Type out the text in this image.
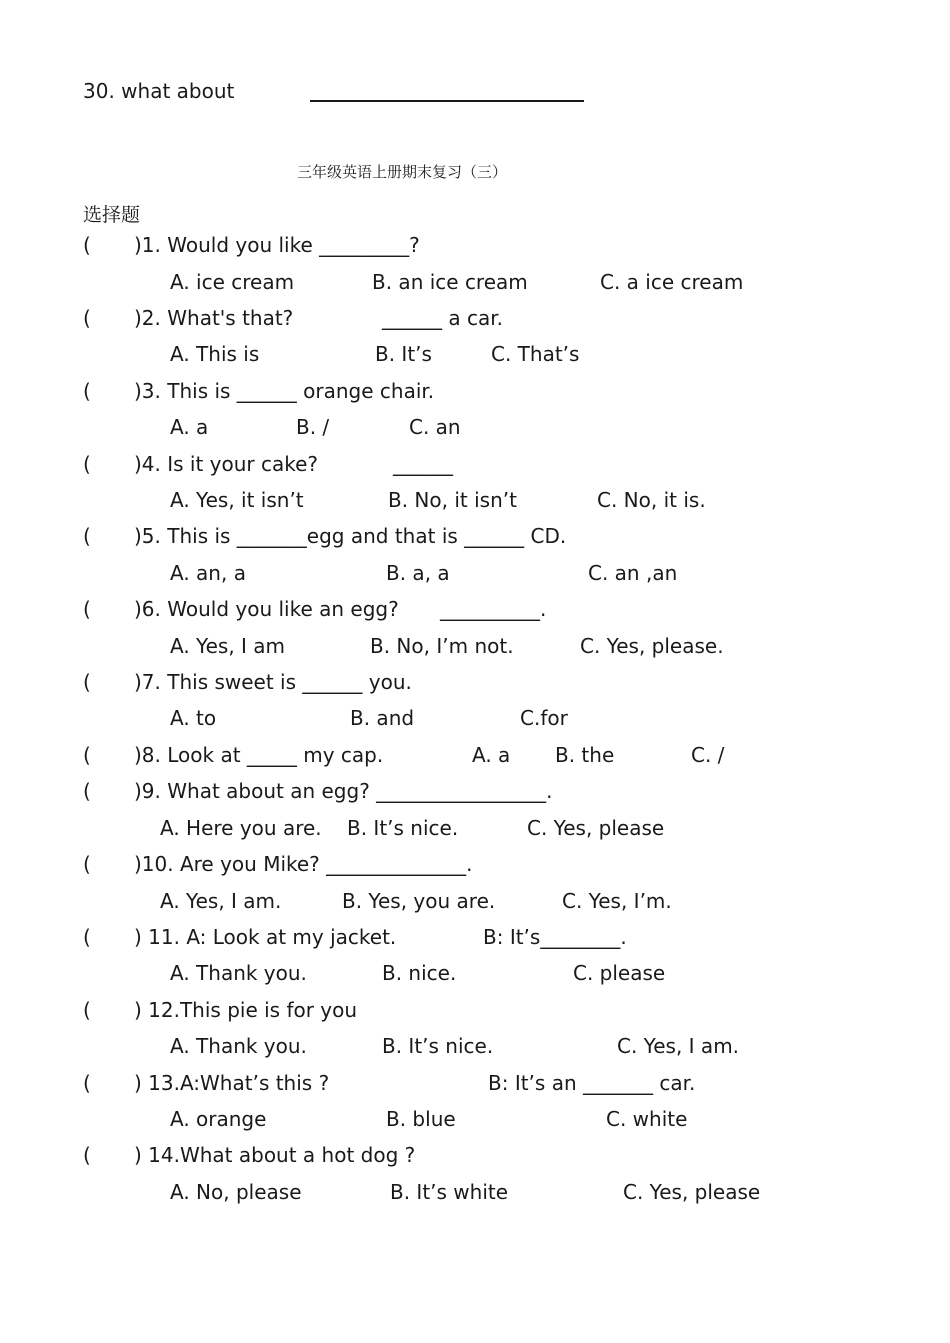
30. what about
三年级英语上册期末复习（三）
选择题
( )1. Would you like _________?
A. ice cream	B. an ice cream	C. a ice cream
( )2. What's that?	______ a car.
A. This is	B. It’s	C. That’s
( )3. This is ______ orange chair.
A. a	B. /	C. an
( )4. Is it your cake?	______
A. Yes, it isn’t	B. No, it isn’t	C. No, it is.
( )5. This is _______egg and that is ______ CD.
A. an, a	B. a, a	C. an ,an
( )6. Would you like an egg? __________.
A. Yes, I am	B. No, I’m not.	C. Yes, please.
( )7. This sweet is ______ you.
A. to	B. and	C.for
( )8. Look at _____ my cap.	A. a B. the	C. /
( )9. What about an egg? _________________.
A. Here you are. B. It’s nice.	C. Yes, please
( )10. Are you Mike? ______________.
A. Yes, I am.	B. Yes, you are.	C. Yes, I’m.
( ) 11. A: Look at my jacket.	B: It’s________.
A. Thank you.	B. nice.	C. please
( ) 12.This pie is for you
A. Thank you.	B. It’s nice.	C. Yes, I am.
( ) 13.A:What’s this ?	B: It’s an _______ car.
A. orange	B. blue	C. white
( ) 14.What about a hot dog ?
A. No, please	B. It’s white	C. Yes, please
